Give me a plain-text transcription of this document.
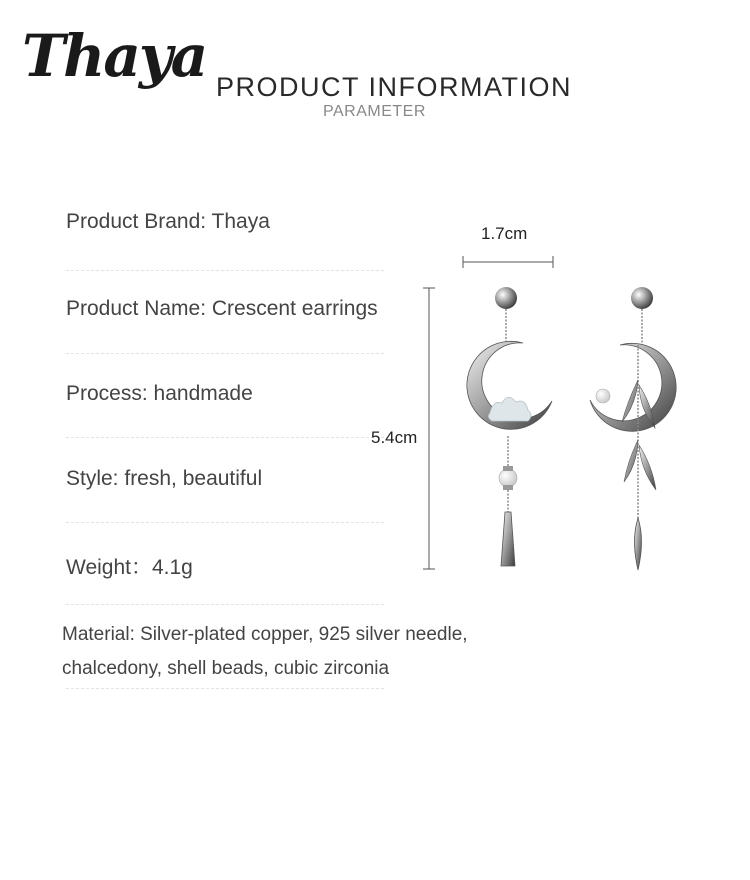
Thaya PRODUCT INFORMATION
PARAMETER
Product Brand: Thaya
Product Name: Crescent earrings
Process: handmade
Style: fresh, beautiful
Weight：4.1g
Material: Silver-plated copper, 925 silver needle,
chalcedony, shell beads, cubic zirconia
1.7cm
5.4cm
